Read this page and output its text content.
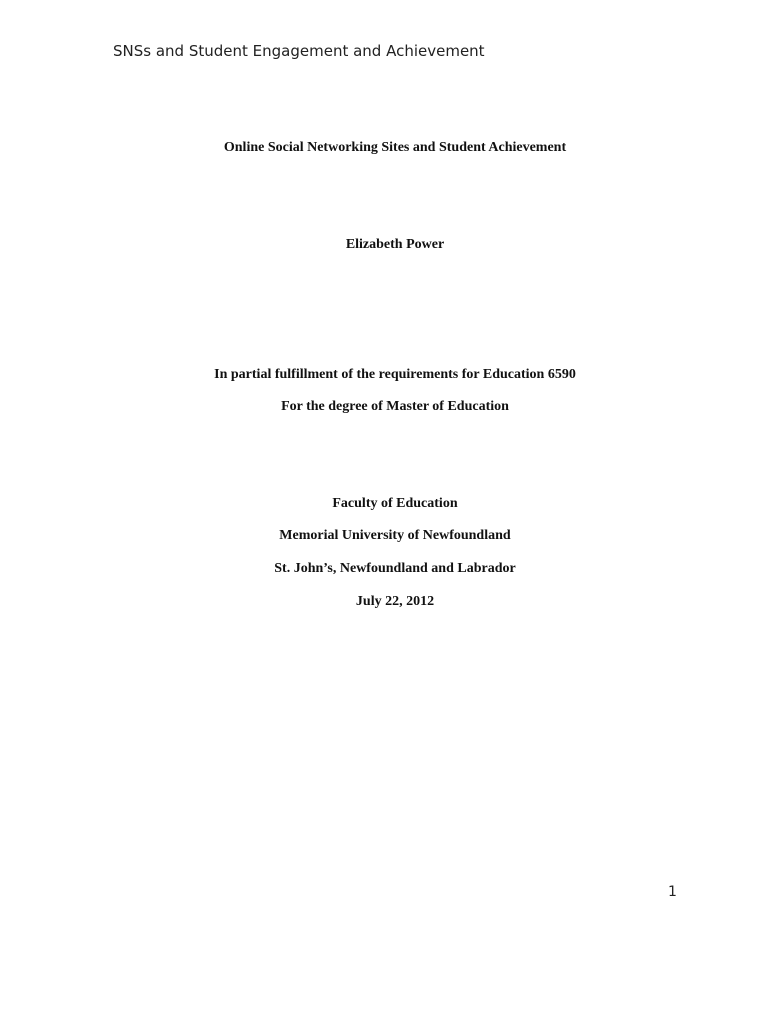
SNSs and Student Engagement and Achievement
Online Social Networking Sites and Student Achievement
Elizabeth Power
In partial fulfillment of the requirements for Education 6590
For the degree of Master of Education
Faculty of Education
Memorial University of Newfoundland
St. John’s, Newfoundland and Labrador
July 22, 2012
1
